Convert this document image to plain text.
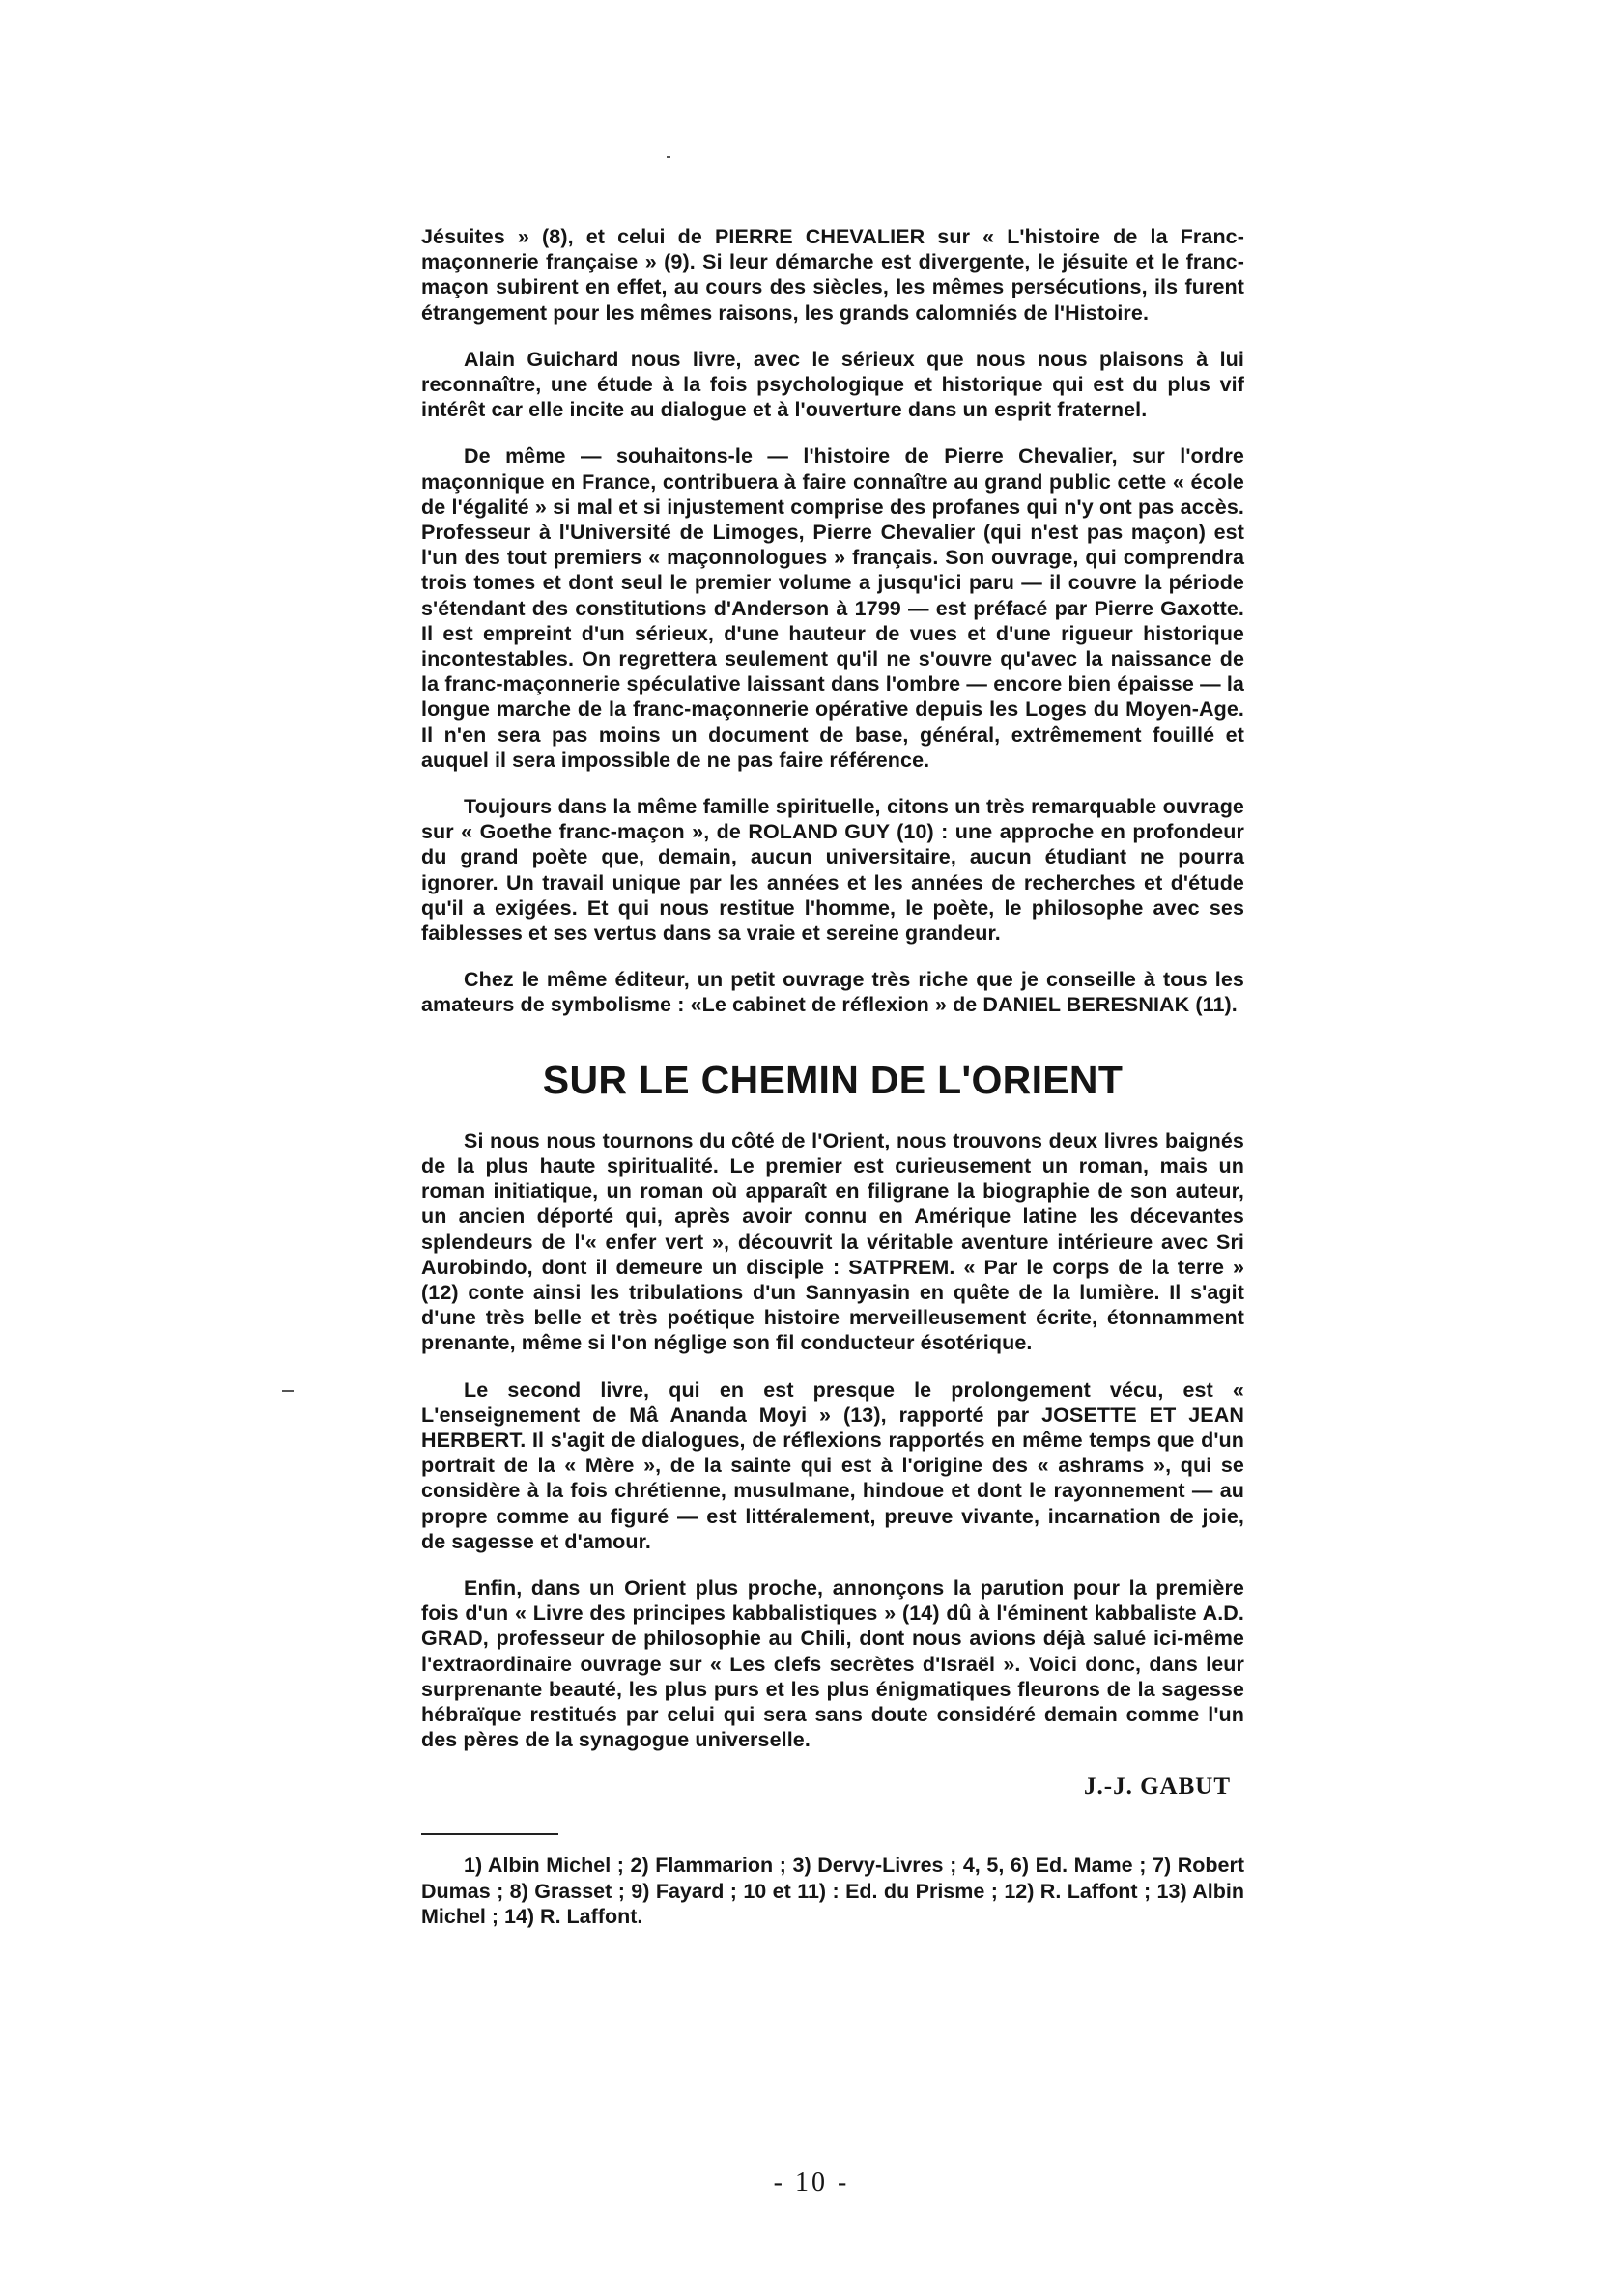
Jésuites » (8), et celui de PIERRE CHEVALIER sur « L'histoire de la Franc-maçonnerie française » (9). Si leur démarche est divergente, le jésuite et le franc-maçon subirent en effet, au cours des siècles, les mêmes persécutions, ils furent étrangement pour les mêmes raisons, les grands calomniés de l'Histoire.

Alain Guichard nous livre, avec le sérieux que nous nous plaisons à lui reconnaître, une étude à la fois psychologique et historique qui est du plus vif intérêt car elle incite au dialogue et à l'ouverture dans un esprit fraternel.

De même — souhaitons-le — l'histoire de Pierre Chevalier, sur l'ordre maçonnique en France, contribuera à faire connaître au grand public cette « école de l'égalité » si mal et si injustement comprise des profanes qui n'y ont pas accès. Professeur à l'Université de Limoges, Pierre Chevalier (qui n'est pas maçon) est l'un des tout premiers « maçonnologues » français. Son ouvrage, qui comprendra trois tomes et dont seul le premier volume a jusqu'ici paru — il couvre la période s'étendant des constitutions d'Anderson à 1799 — est préfacé par Pierre Gaxotte. Il est empreint d'un sérieux, d'une hauteur de vues et d'une rigueur historique incontestables. On regrettera seulement qu'il ne s'ouvre qu'avec la naissance de la franc-maçonnerie spéculative laissant dans l'ombre — encore bien épaisse — la longue marche de la franc-maçonnerie opérative depuis les Loges du Moyen-Age. Il n'en sera pas moins un document de base, général, extrêmement fouillé et auquel il sera impossible de ne pas faire référence.

Toujours dans la même famille spirituelle, citons un très remarquable ouvrage sur « Goethe franc-maçon », de ROLAND GUY (10) : une approche en profondeur du grand poète que, demain, aucun universitaire, aucun étudiant ne pourra ignorer. Un travail unique par les années et les années de recherches et d'étude qu'il a exigées. Et qui nous restitue l'homme, le poète, le philosophe avec ses faiblesses et ses vertus dans sa vraie et sereine grandeur.

Chez le même éditeur, un petit ouvrage très riche que je conseille à tous les amateurs de symbolisme : «Le cabinet de réflexion » de DANIEL BERESNIAK (11).

SUR LE CHEMIN DE L'ORIENT

Si nous nous tournons du côté de l'Orient, nous trouvons deux livres baignés de la plus haute spiritualité. Le premier est curieusement un roman, mais un roman initiatique, un roman où apparaît en filigrane la biographie de son auteur, un ancien déporté qui, après avoir connu en Amérique latine les décevantes splendeurs de l'« enfer vert », découvrit la véritable aventure intérieure avec Sri Aurobindo, dont il demeure un disciple : SATPREM. « Par le corps de la terre » (12) conte ainsi les tribulations d'un Sannyasin en quête de la lumière. Il s'agit d'une très belle et très poétique histoire merveilleusement écrite, étonnamment prenante, même si l'on néglige son fil conducteur ésotérique.

Le second livre, qui en est presque le prolongement vécu, est « L'enseignement de Mâ Ananda Moyi » (13), rapporté par JOSETTE ET JEAN HERBERT. Il s'agit de dialogues, de réflexions rapportés en même temps que d'un portrait de la « Mère », de la sainte qui est à l'origine des « ashrams », qui se considère à la fois chrétienne, musulmane, hindoue et dont le rayonnement — au propre comme au figuré — est littéralement, preuve vivante, incarnation de joie, de sagesse et d'amour.

Enfin, dans un Orient plus proche, annonçons la parution pour la première fois d'un « Livre des principes kabbalistiques » (14) dû à l'éminent kabbaliste A.D. GRAD, professeur de philosophie au Chili, dont nous avions déjà salué ici-même l'extraordinaire ouvrage sur « Les clefs secrètes d'Israël ». Voici donc, dans leur surprenante beauté, les plus purs et les plus énigmatiques fleurons de la sagesse hébraïque restitués par celui qui sera sans doute considéré demain comme l'un des pères de la synagogue universelle.

J.-J. GABUT

1) Albin Michel ; 2) Flammarion ; 3) Dervy-Livres ; 4, 5, 6) Ed. Mame ; 7) Robert Dumas ; 8) Grasset ; 9) Fayard ; 10 et 11) : Ed. du Prisme ; 12) R. Laffont ; 13) Albin Michel ; 14) R. Laffont.

- 10 -
